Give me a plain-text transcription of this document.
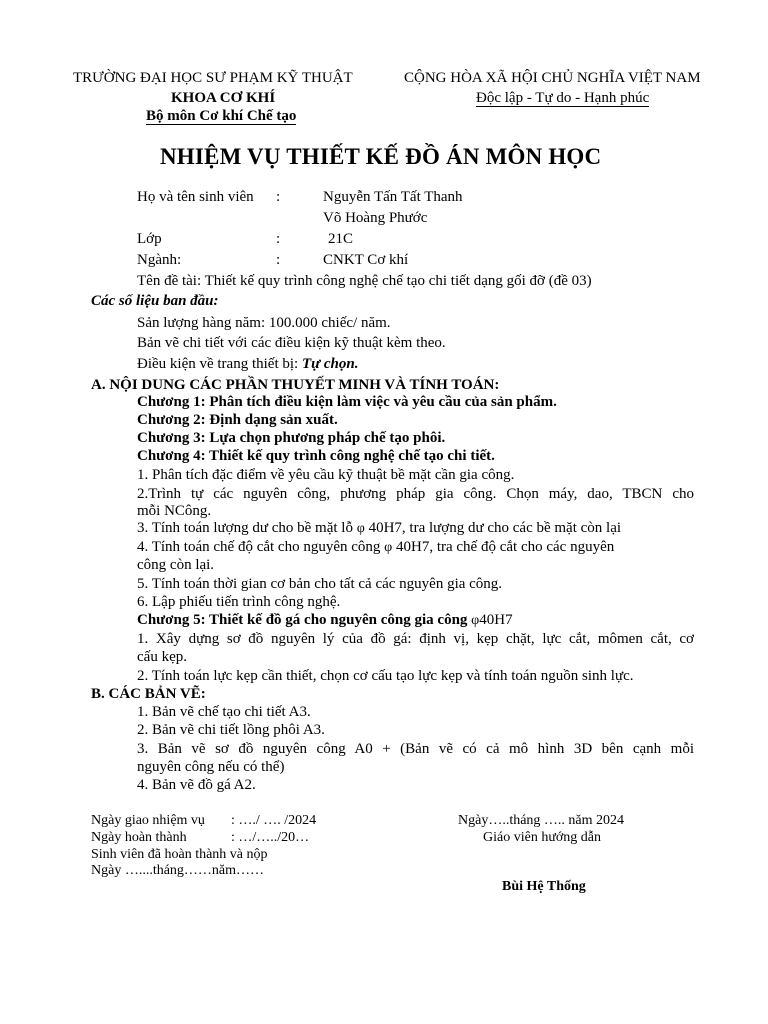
TRƯỜNG ĐẠI HỌC SƯ PHẠM KỸ THUẬT
KHOA CƠ KHÍ
Bộ môn Cơ khí Chế tạo
CỘNG HÒA XÃ HỘI CHỦ NGHĨA VIỆT NAM
Độc lập - Tự do - Hạnh phúc
NHIỆM VỤ THIẾT KẾ ĐỒ ÁN MÔN HỌC
Họ và tên sinh viên :	Nguyễn Tấn Tất Thanh
Võ Hoàng Phước
Lớp	:	21C
Ngành:	:	CNKT Cơ khí
Tên đề tài: Thiết kế quy trình công nghệ chế tạo chi tiết dạng gối đỡ (đề 03)
Các số liệu ban đầu:
Sản lượng hàng năm: 100.000 chiếc/ năm.
Bản vẽ chi tiết với các điều kiện kỹ thuật kèm theo.
Điều kiện về trang thiết bị: Tự chọn.
A. NỘI DUNG CÁC PHẦN THUYẾT MINH VÀ TÍNH TOÁN:
Chương 1: Phân tích điều kiện làm việc và yêu cầu của sản phẩm.
Chương 2: Định dạng sản xuất.
Chương 3: Lựa chọn phương pháp chế tạo phôi.
Chương 4: Thiết kế quy trình công nghệ chế tạo chi tiết.
1. Phân tích đặc điểm về yêu cầu kỹ thuật bề mặt cần gia công.
2.Trình tự các nguyên công, phương pháp gia công. Chọn máy, dao, TBCN cho
mỗi NCông.
3. Tính toán lượng dư cho bề mặt lỗ φ 40H7, tra lượng dư cho các bề mặt còn lại
4. Tính toán chế độ cắt cho nguyên công φ 40H7, tra chế độ cắt cho các nguyên
công còn lại.
5. Tính toán thời gian cơ bản cho tất cả các nguyên gia công.
6. Lập phiếu tiến trình công nghệ.
Chương 5: Thiết kế đồ gá cho nguyên công gia công φ40H7
1. Xây dựng sơ đồ nguyên lý của đồ gá: định vị, kẹp chặt, lực cắt, mômen cắt, cơ
cấu kẹp.
2. Tính toán lực kẹp cần thiết, chọn cơ cấu tạo lực kẹp và tính toán nguồn sinh lực.
B. CÁC BẢN VẼ:
1. Bản vẽ chế tạo chi tiết A3.
2. Bản vẽ chi tiết lồng phôi A3.
3. Bản vẽ sơ đồ nguyên công A0 + (Bản vẽ có cả mô hình 3D bên cạnh mỗi
nguyên công nếu có thể)
4. Bản vẽ đồ gá A2.
Ngày giao nhiệm vụ : …./ …. /2024
Ngày hoàn thành	: …/…../20…
Sinh viên đã hoàn thành và nộp
Ngày …....tháng……năm……
Ngày…..tháng ….. năm 2024
Giáo viên hướng dẫn
Bùi Hệ Thống
